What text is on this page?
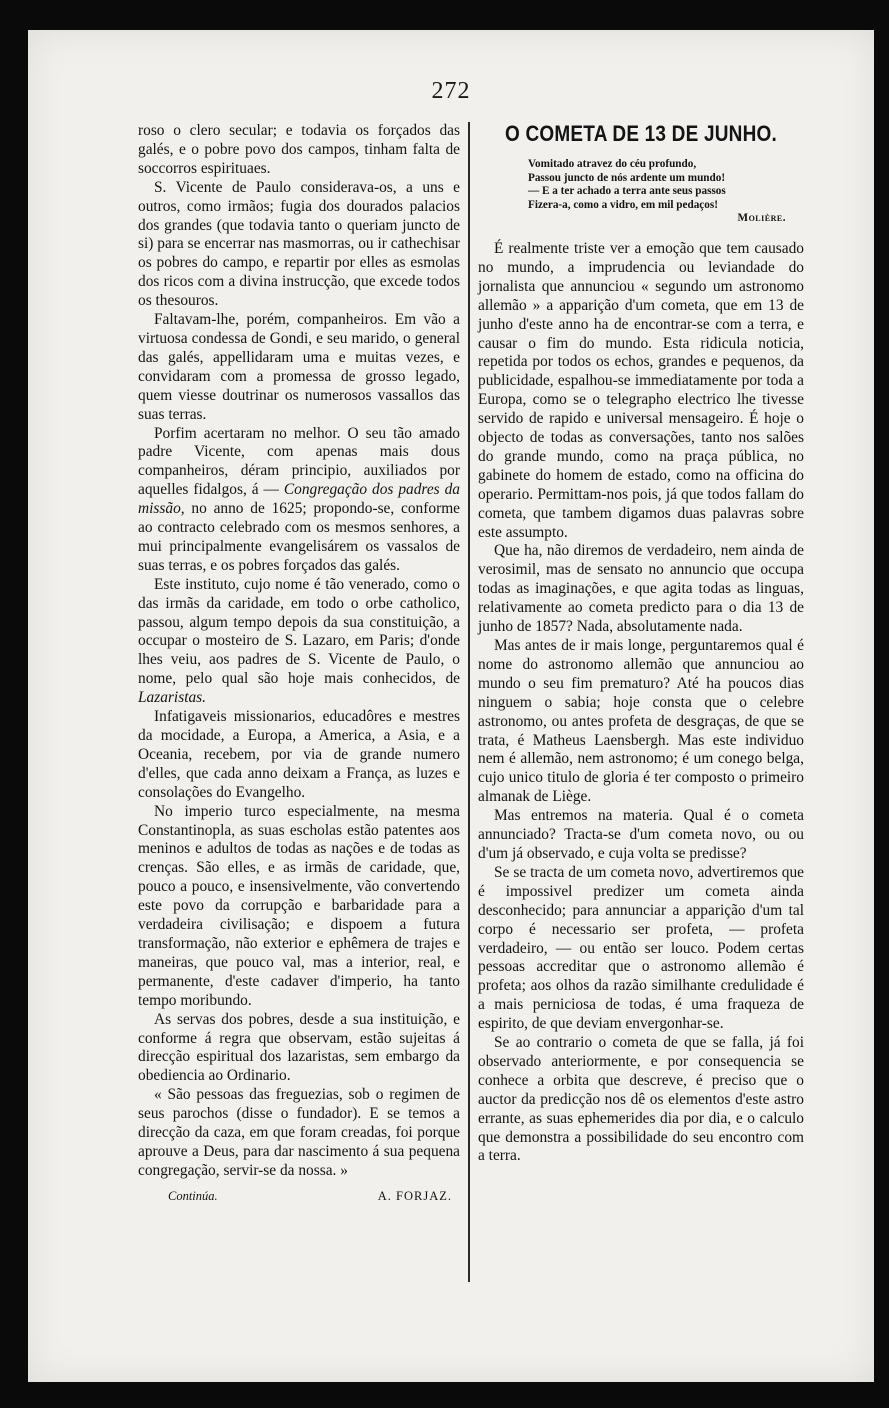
272

roso o clero secular; e todavia os forçados das galés, e o pobre povo dos campos, tinham falta de soccorros espirituaes.

S. Vicente de Paulo considerava-os, a uns e outros, como irmãos; fugia dos dourados palacios dos grandes (que todavia tanto o queriam juncto de si) para se encerrar nas masmorras, ou ir cathechisar os pobres do campo, e repartir por elles as esmolas dos ricos com a divina instrucção, que excede todos os thesouros.

Faltavam-lhe, porém, companheiros. Em vão a virtuosa condessa de Gondi, e seu marido, o general das galés, appellidaram uma e muitas vezes, e convidaram com a promessa de grosso legado, quem viesse doutrinar os numerosos vassallos das suas terras.

Porfim acertaram no melhor. O seu tão amado padre Vicente, com apenas mais dous companheiros, déram principio, auxiliados por aquelles fidalgos, á — Congregação dos padres da missão, no anno de 1625; propondo-se, conforme ao contracto celebrado com os mesmos senhores, a mui principalmente evangelisárem os vassalos de suas terras, e os pobres forçados das galés.

Este instituto, cujo nome é tão venerado, como o das irmãs da caridade, em todo o orbe catholico, passou, algum tempo depois da sua constituição, a occupar o mosteiro de S. Lazaro, em Paris; d'onde lhes veiu, aos padres de S. Vicente de Paulo, o nome, pelo qual são hoje mais conhecidos, de Lazaristas.

Infatigaveis missionarios, educadôres e mestres da mocidade, a Europa, a America, a Asia, e a Oceania, recebem, por via de grande numero d'elles, que cada anno deixam a França, as luzes e consolações do Evangelho.

No imperio turco especialmente, na mesma Constantinopla, as suas escholas estão patentes aos meninos e adultos de todas as nações e de todas as crenças. São elles, e as irmãs de caridade, que, pouco a pouco, e insensivelmente, vão convertendo este povo da corrupção e barbaridade para a verdadeira civilisação; e dispoem a futura transformação, não exterior e ephêmera de trajes e maneiras, que pouco val, mas a interior, real, e permanente, d'este cadaver d'imperio, ha tanto tempo moribundo.

As servas dos pobres, desde a sua instituição, e conforme á regra que observam, estão sujeitas á direcção espiritual dos lazaristas, sem embargo da obediencia ao Ordinario.

« São pessoas das freguezias, sob o regimen de seus parochos (disse o fundador). E se temos a direcção da caza, em que foram creadas, foi porque aprouve a Deus, para dar nascimento á sua pequena congregação, servir-se da nossa. »

Continúa.	A. FORJAZ.
O COMETA DE 13 DE JUNHO.
Vomitado atravez do céu profundo,
Passou juncto de nós ardente um mundo!
— E a ter achado a terra ante seus passos
Fizera-a, como a vidro, em mil pedaços!
Molière.

É realmente triste ver a emoção que tem causado no mundo, a imprudencia ou leviandade do jornalista que annunciou « segundo um astronomo allemão » a apparição d'um cometa, que em 13 de junho d'este anno ha de encontrar-se com a terra, e causar o fim do mundo. Esta ridicula noticia, repetida por todos os echos, grandes e pequenos, da publicidade, espalhou-se immediatamente por toda a Europa, como se o telegrapho electrico lhe tivesse servido de rapido e universal mensageiro. É hoje o objecto de todas as conversações, tanto nos salões do grande mundo, como na praça pública, no gabinete do homem de estado, como na officina do operario. Permittam-nos pois, já que todos fallam do cometa, que tambem digamos duas palavras sobre este assumpto.

Que ha, não diremos de verdadeiro, nem ainda de verosimil, mas de sensato no annuncio que occupa todas as imaginações, e que agita todas as linguas, relativamente ao cometa predicto para o dia 13 de junho de 1857? Nada, absolutamente nada.

Mas antes de ir mais longe, perguntaremos qual é nome do astronomo allemão que annunciou ao mundo o seu fim prematuro? Até ha poucos dias ninguem o sabia; hoje consta que o celebre astronomo, ou antes profeta de desgraças, de que se trata, é Matheus Laensbergh. Mas este individuo nem é allemão, nem astronomo; é um conego belga, cujo unico titulo de gloria é ter composto o primeiro almanak de Liège.

Mas entremos na materia. Qual é o cometa annunciado? Tracta-se d'um cometa novo, ou ou d'um já observado, e cuja volta se predisse?

Se se tracta de um cometa novo, advertiremos que é impossivel predizer um cometa ainda desconhecido; para annunciar a apparição d'um tal corpo é necessario ser profeta, — profeta verdadeiro, — ou então ser louco. Podem certas pessoas accreditar que o astronomo allemão é profeta; aos olhos da razão similhante credulidade é a mais perniciosa de todas, é uma fraqueza de espirito, de que deviam envergonhar-se.

Se ao contrario o cometa de que se falla, já foi observado anteriormente, e por consequencia se conhece a orbita que descreve, é preciso que o auctor da predicção nos dê os elementos d'este astro errante, as suas ephemerides dia por dia, e o calculo que demonstra a possibilidade do seu encontro com a terra.
